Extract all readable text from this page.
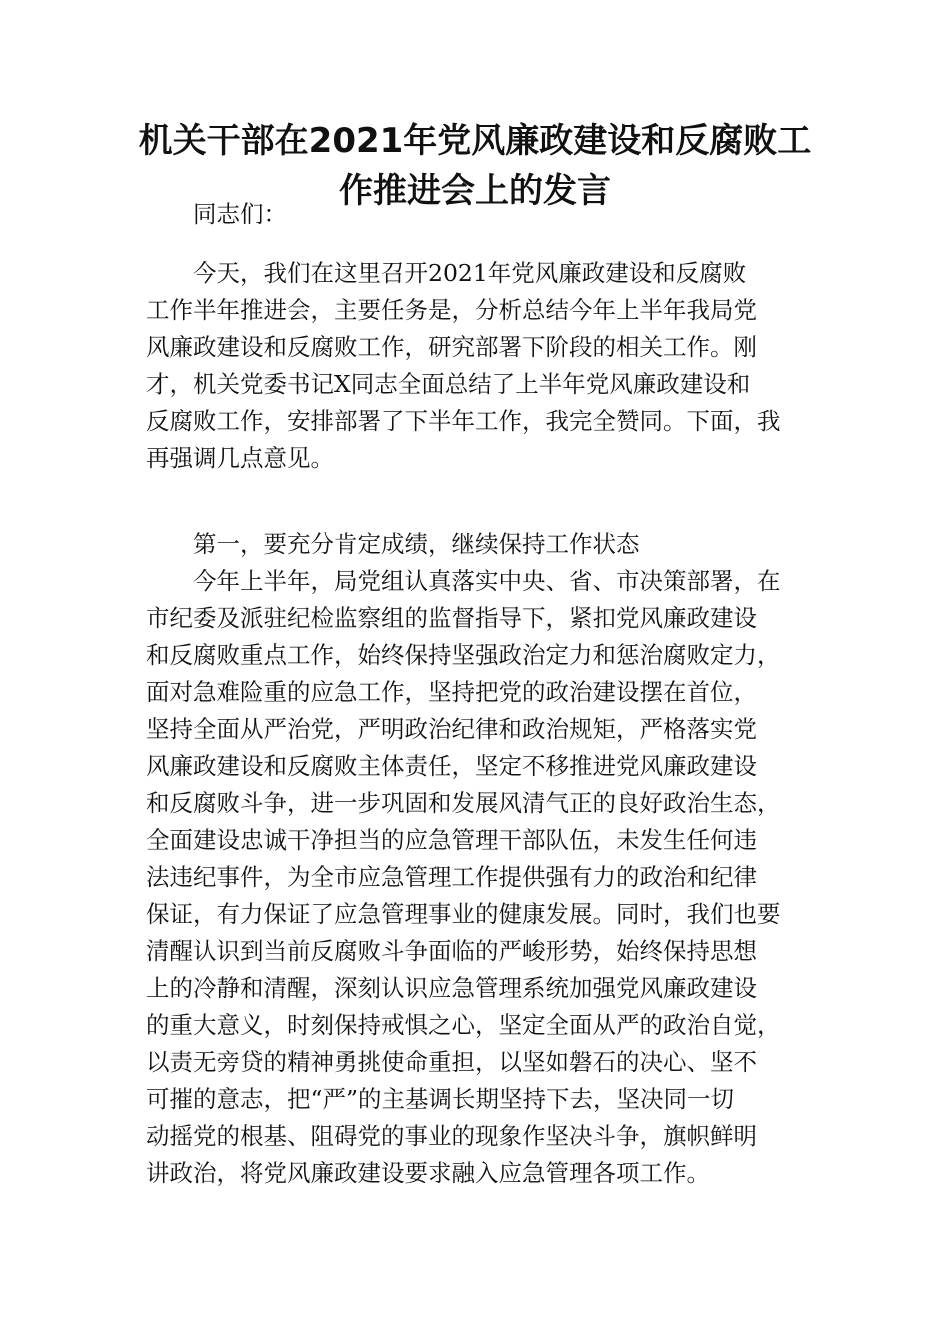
机关干部在2021年党风廉政建设和反腐败工
作推进会上的发言
同志们：
今天，我们在这里召开2021年党风廉政建设和反腐败
工作半年推进会，主要任务是，分析总结今年上半年我局党
风廉政建设和反腐败工作，研究部署下阶段的相关工作。刚
才，机关党委书记X同志全面总结了上半年党风廉政建设和
反腐败工作，安排部署了下半年工作，我完全赞同。下面，我
再强调几点意见。
第一，要充分肯定成绩，继续保持工作状态
今年上半年，局党组认真落实中央、省、市决策部署，在
市纪委及派驻纪检监察组的监督指导下，紧扣党风廉政建设
和反腐败重点工作，始终保持坚强政治定力和惩治腐败定力，
面对急难险重的应急工作，坚持把党的政治建设摆在首位，
坚持全面从严治党，严明政治纪律和政治规矩，严格落实党
风廉政建设和反腐败主体责任，坚定不移推进党风廉政建设
和反腐败斗争，进一步巩固和发展风清气正的良好政治生态，
全面建设忠诚干净担当的应急管理干部队伍，未发生任何违
法违纪事件，为全市应急管理工作提供强有力的政治和纪律
保证，有力保证了应急管理事业的健康发展。同时，我们也要
清醒认识到当前反腐败斗争面临的严峻形势，始终保持思想
上的冷静和清醒，深刻认识应急管理系统加强党风廉政建设
的重大意义，时刻保持戒惧之心，坚定全面从严的政治自觉，
以责无旁贷的精神勇挑使命重担，以坚如磐石的决心、坚不
可摧的意志，把“严”的主基调长期坚持下去，坚决同一切
动摇党的根基、阻碍党的事业的现象作坚决斗争，旗帜鲜明
讲政治，将党风廉政建设要求融入应急管理各项工作。
